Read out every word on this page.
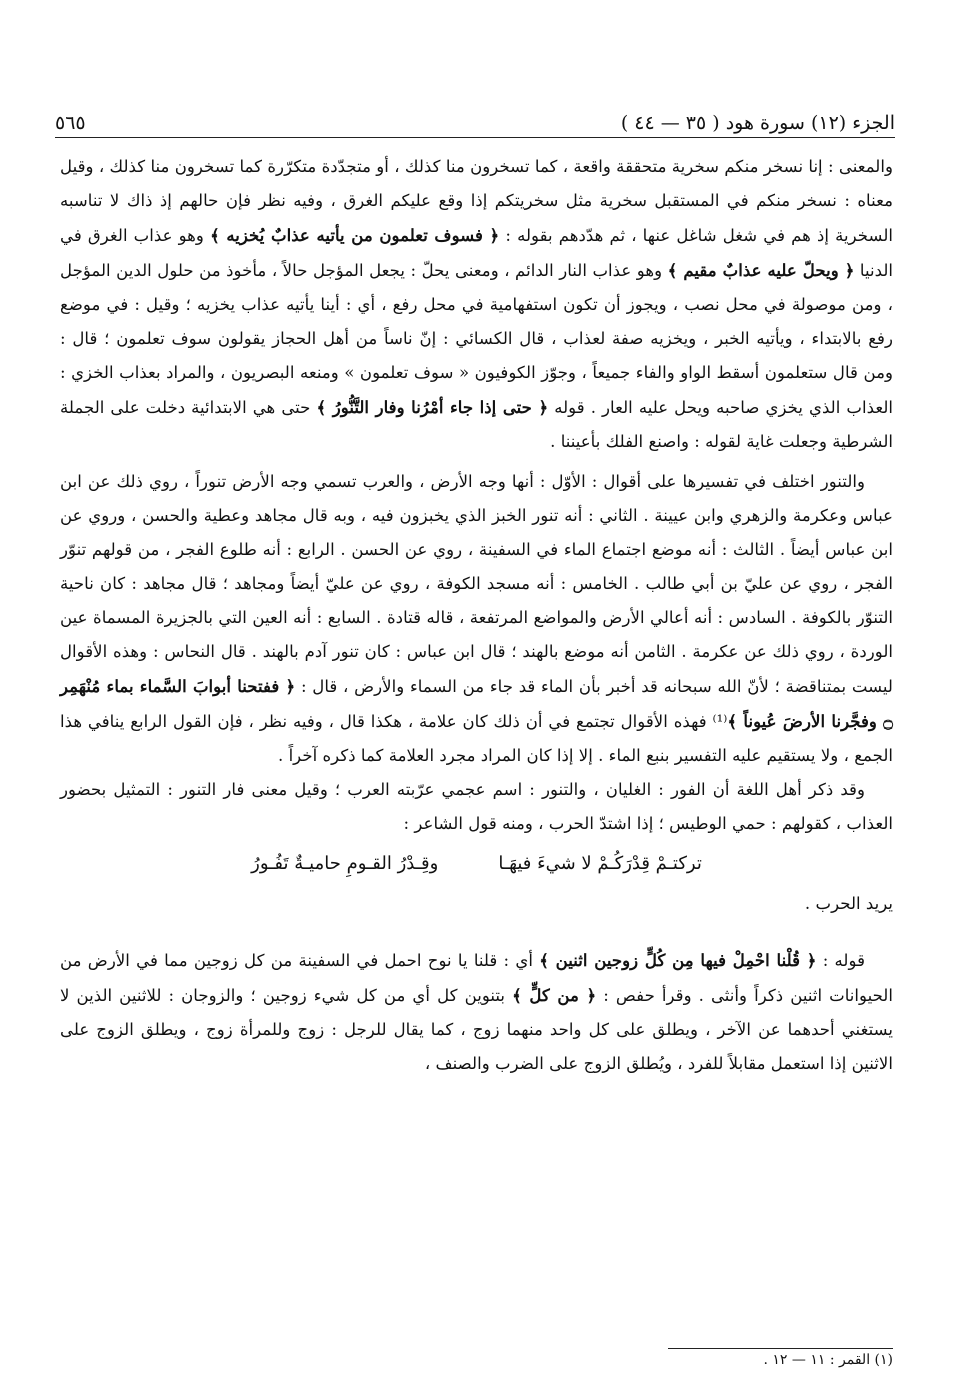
الجزء (١٢) سورة هود ( ٣٥ — ٤٤ )
٥٦٥

والمعنى : إنا نسخر منكم سخرية متحققة واقعة ، كما تسخرون منا كذلك ، أو متجدّدة متكرّرة كما تسخرون منا كذلك ، وقيل معناه : نسخر منكم في المستقبل سخرية مثل سخريتكم إذا وقع عليكم الغرق ، وفيه نظر فإن حالهم إذ ذاك لا تناسبه السخرية إذ هم في شغل شاغل عنها ، ثم هدّدهم بقوله : ﴿ فسوف تعلمون من يأتيه عذابٌ يُخزيه ﴾ وهو عذاب الغرق في الدنيا ﴿ ويحلّ عليه عذابٌ مقيم ﴾ وهو عذاب النار الدائم ، ومعنى يحلّ : يجعل المؤجل حالاً ، مأخوذ من حلول الدين المؤجل ، ومن موصولة في محل نصب ، ويجوز أن تكون استفهامية في محل رفع ، أي : أينا يأتيه عذاب يخزيه ؛ وقيل : في موضع رفع بالابتداء ، ويأتيه الخبر ، ويخزيه صفة لعذاب ، قال الكسائي : إنّ ناساً من أهل الحجاز يقولون سوف تعلمون ؛ قال : ومن قال ستعلمون أسقط الواو والفاء جميعاً ، وجوّز الكوفيون « سوف تعلمون » ومنعه البصريون ، والمراد بعذاب الخزي : العذاب الذي يخزي صاحبه ويحل عليه العار . قوله ﴿ حتى إذا جاء أمْرُنا وفار التَّنُّورُ ﴾ حتى هي الابتدائية دخلت على الجملة الشرطية وجعلت غاية لقوله : واصنع الفلك بأعيننا .

والتنور اختلف في تفسيرها على أقوال : الأوّل : أنها وجه الأرض ، والعرب تسمي وجه الأرض تنوراً ، روي ذلك عن ابن عباس وعكرمة والزهري وابن عيينة . الثاني : أنه تنور الخبز الذي يخبزون فيه ، وبه قال مجاهد وعطية والحسن ، وروي عن ابن عباس أيضاً . الثالث : أنه موضع اجتماع الماء في السفينة ، روي عن الحسن . الرابع : أنه طلوع الفجر ، من قولهم تنوّر الفجر ، روي عن عليّ بن أبي طالب . الخامس : أنه مسجد الكوفة ، روي عن عليّ أيضاً ومجاهد ؛ قال مجاهد : كان ناحية التنوّر بالكوفة . السادس : أنه أعالي الأرض والمواضع المرتفعة ، قاله قتادة . السابع : أنه العين التي بالجزيرة المسماة عين الوردة ، روي ذلك عن عكرمة . الثامن أنه موضع بالهند ؛ قال ابن عباس : كان تنور آدم بالهند . قال النحاس : وهذه الأقوال ليست بمتناقضة ؛ لأنّ الله سبحانه قد أخبر بأن الماء قد جاء من السماء والأرض ، قال : ﴿ ففتحنا أبوابَ السَّماء بماء مُنْهَمِر ۝ وفجَّرنا الأرضَ عُيوناً ﴾⁽¹⁾ فهذه الأقوال تجتمع في أن ذلك كان علامة ، هكذا قال ، وفيه نظر ، فإن القول الرابع ينافي هذا الجمع ، ولا يستقيم عليه التفسير بنبع الماء . إلا إذا كان المراد مجرد العلامة كما ذكره آخراً .

وقد ذكر أهل اللغة أن الفور : الغليان ، والتنور : اسم عجمي عرّبته العرب ؛ وقيل معنى فار التنور : التمثيل بحضور العذاب ، كقولهم : حمي الوطيس ؛ إذا اشتدّ الحرب ، ومنه قول الشاعر :

تركتـمْ قِدْرَكُـمْ لا شيءَ فيهَـا
وقِـدْرُ القـومِ حاميـةٌ تَفُـورُ

يريد الحرب .

قوله : ﴿ قُلْنا احْمِلْ فيها مِن كُلٍّ زوجين اثنين ﴾ أي : قلنا يا نوح احمل في السفينة من كل زوجين مما في الأرض من الحيوانات اثنين ذكراً وأنثى . وقرأ حفص : ﴿ من كلٍّ ﴾ بتنوين كل أي من كل شيء زوجين ؛ والزوجان : للاثنين الذين لا يستغني أحدهما عن الآخر ، ويطلق على كل واحد منهما زوج ، كما يقال للرجل : زوج وللمرأة زوج ، ويطلق الزوج على الاثنين إذا استعمل مقابلاً للفرد ، ويُطلق الزوج على الضرب والصنف ،

(١) القمر : ١١ — ١٢ .
